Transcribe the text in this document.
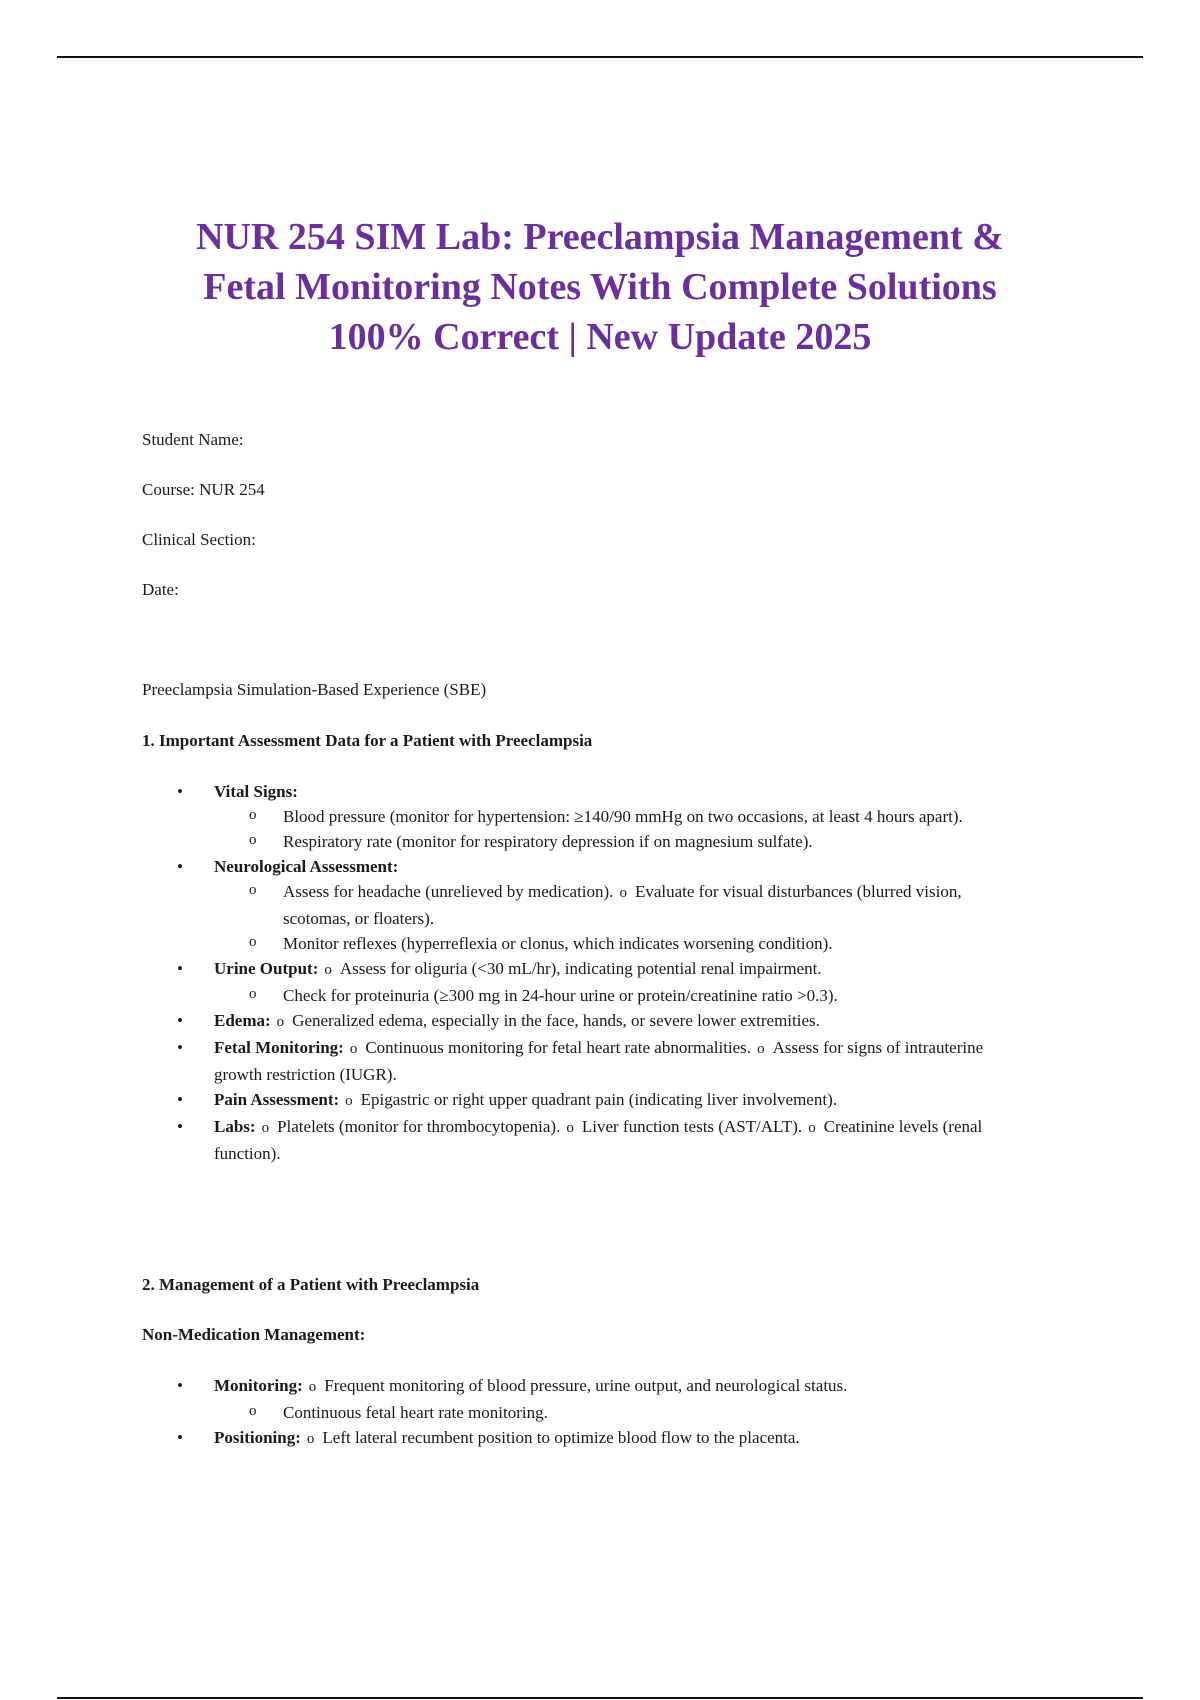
NUR 254 SIM Lab: Preeclampsia Management &
Fetal Monitoring Notes With Complete Solutions
100% Correct | New Update 2025

Student Name:

Course: NUR 254

Clinical Section:

Date:

Preeclampsia Simulation-Based Experience (SBE)

1. Important Assessment Data for a Patient with Preeclampsia

• Vital Signs:
o Blood pressure (monitor for hypertension: ≥140/90 mmHg on two occasions, at least 4 hours apart).
o Respiratory rate (monitor for respiratory depression if on magnesium sulfate).
• Neurological Assessment:
o Assess for headache (unrelieved by medication). o Evaluate for visual disturbances (blurred vision, scotomas, or floaters).
o Monitor reflexes (hyperreflexia or clonus, which indicates worsening condition).
• Urine Output: o Assess for oliguria (<30 mL/hr), indicating potential renal impairment.
o Check for proteinuria (≥300 mg in 24-hour urine or protein/creatinine ratio >0.3).
• Edema: o Generalized edema, especially in the face, hands, or severe lower extremities.
• Fetal Monitoring: o Continuous monitoring for fetal heart rate abnormalities. o Assess for signs of intrauterine growth restriction (IUGR).
• Pain Assessment: o Epigastric or right upper quadrant pain (indicating liver involvement).
• Labs: o Platelets (monitor for thrombocytopenia). o Liver function tests (AST/ALT). o Creatinine levels (renal function).

2. Management of a Patient with Preeclampsia

Non-Medication Management:

• Monitoring: o Frequent monitoring of blood pressure, urine output, and neurological status.
o Continuous fetal heart rate monitoring.
• Positioning: o Left lateral recumbent position to optimize blood flow to the placenta.
